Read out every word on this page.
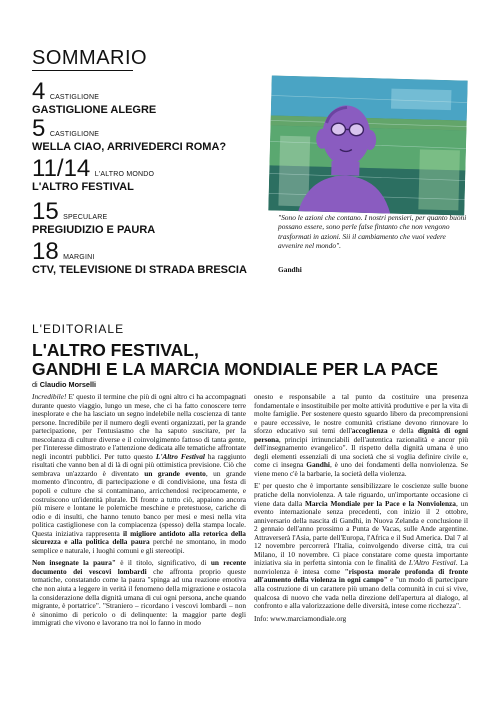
SOMMARIO
4 CASTIGLIONE
GASTIGLIONE ALEGRE
5 CASTIGLIONE
WELLA CIAO, ARRIVEDERCI ROMA?
11/14 L'ALTRO MONDO
L'ALTRO FESTIVAL
15 SPECULARE
PREGIUDIZIO E PAURA
18 MARGINI
CTV, TELEVISIONE DI STRADA BRESCIA
"Sono le azioni che contano. I nostri pensieri, per quanto buoni possano essere, sono perle false fintanto che non vengono trasformati in azioni. Sii il cambiamento che vuoi vedere avvenire nel mondo".
Gandhi
L'EDITORIALE
L'ALTRO FESTIVAL,
GANDHI E LA MARCIA MONDIALE PER LA PACE
di Claudio Morselli

Incredibile! E' questo il termine che più di ogni altro ci ha accompagnati durante questo viaggio, lungo un mese, che ci ha fatto conoscere terre inesplorate e che ha lasciato un segno indelebile nella coscienza di tante persone. Incredibile per il numero degli eventi organizzati, per la grande partecipazione, per l'entusiasmo che ha saputo suscitare, per la mescolanza di culture diverse e il coinvolgimento fattoso di tanta gente, per l'interesse dimostrato e l'attenzione dedicata alle tematiche affrontate negli incontri pubblici. Per tutto questo L'Altro Festival ha raggiunto risultati che vanno ben al di là di ogni più ottimistica previsione. Ciò che sembrava un'azzardo è diventato un grande evento, un grande momento d'incontro, di partecipazione e di condivisione, una festa di popoli e culture che si contaminano, arricchendosi reciprocamente, e costruiscono un'identità plurale. Di fronte a tutto ciò, appaiono ancora più misere e lontane le polemiche meschine e pretestuose, cariche di odio e di insulti, che hanno tenuto banco per mesi e mesi nella vita politica castiglionese con la compiacenza (spesso) della stampa locale. Questa iniziativa rappresenta il migliore antidoto alla retorica della sicurezza e alla politica della paura perché ne smontano, in modo semplice e naturale, i luoghi comuni e gli stereotipi.

Non insegnate la paura" è il titolo, significativo, di un recente documento dei vescovi lombardi che affronta proprio queste tematiche, constatando come la paura "spinga ad una reazione emotiva che non aiuta a leggere in verità il fenomeno della migrazione e ostacola la considerazione della dignità umana di cui ogni persona, anche quando migrante, è portatrice". "Straniero – ricordano i vescovi lombardi – non è sinonimo di pericolo o di delinquente: la maggior parte degli immigrati che vivono e lavorano tra noi lo fanno in modo

onesto e responsabile a tal punto da costituire una presenza fondamentale e insostituibile per molte attività produttive e per la vita di molte famiglie. Per sostenere questo sguardo libero da precomprensioni e paure eccessive, le nostre comunità cristiane devono rinnovare lo sforzo educativo sui temi dell'accoglienza e della dignità di ogni persona, principi irrinunciabili dell'autentica razionalità e ancor più dell'insegnamento evangelico". Il rispetto della dignità umana è uno degli elementi essenziali di una società che si voglia definire civile e, come ci insegna Gandhi, è uno dei fondamenti della nonviolenza. Se viene meno c'è la barbarie, la società della violenza.

E' per questo che è importante sensibilizzare le coscienze sulle buone pratiche della nonviolenza. A tale riguardo, un'importante occasione ci viene data dalla Marcia Mondiale per la Pace e la Nonviolenza, un evento internazionale senza precedenti, con inizio il 2 ottobre, anniversario della nascita di Gandhi, in Nuova Zelanda e conclusione il 2 gennaio dell'anno prossimo a Punta de Vacas, sulle Ande argentine. Attraverserà l'Asia, parte dell'Europa, l'Africa e il Sud America. Dal 7 al 12 novembre percorrerà l'Italia, coinvolgendo diverse città, tra cui Milano, il 10 novembre. Ci piace constatare come questa importante iniziativa sia in perfetta sintonia con le finalità de L'Altro Festival. La nonviolenza è intesa come "risposta morale profonda di fronte all'aumento della violenza in ogni campo" e "un modo di partecipare alla costruzione di un carattere più umano della comunità in cui si vive, qualcosa di nuovo che vada nella direzione dell'apertura al dialogo, al confronto e alla valorizzazione delle diversità, intese come ricchezza".

Info: www.marciamondiale.org
